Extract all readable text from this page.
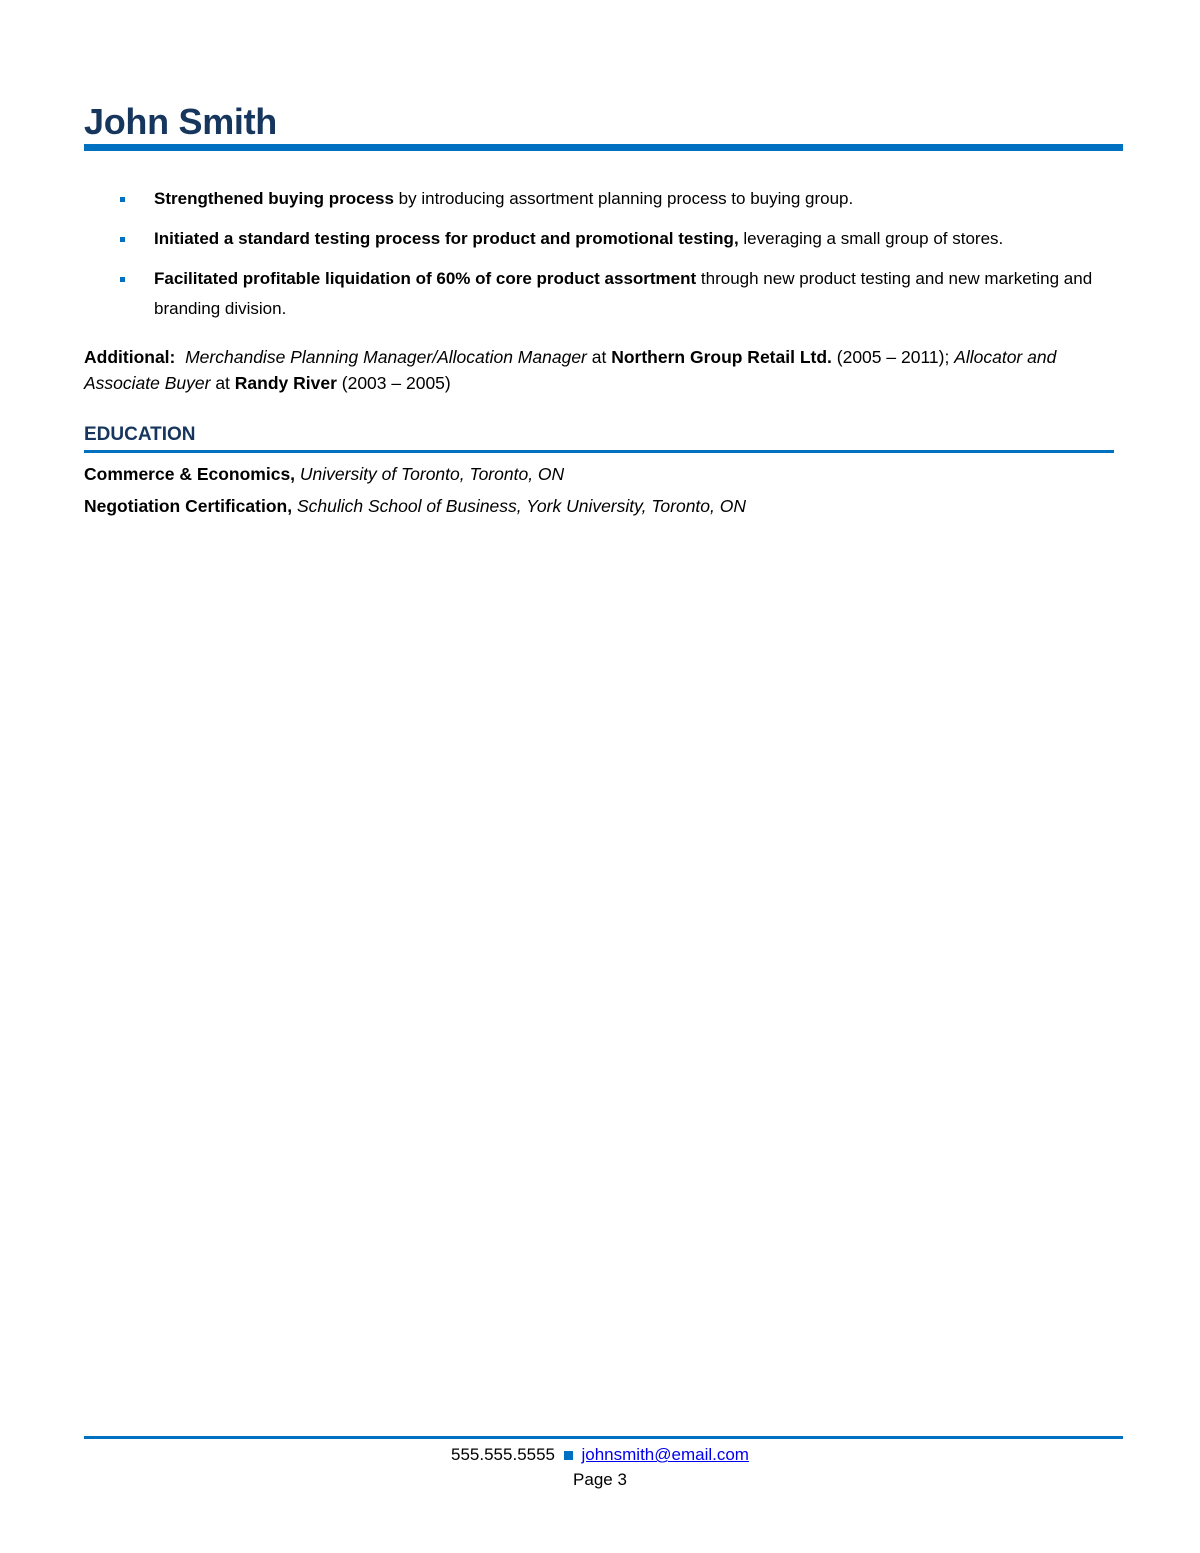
John Smith
Strengthened buying process by introducing assortment planning process to buying group.
Initiated a standard testing process for product and promotional testing, leveraging a small group of stores.
Facilitated profitable liquidation of 60% of core product assortment through new product testing and new marketing and branding division.
Additional: Merchandise Planning Manager/Allocation Manager at Northern Group Retail Ltd. (2005 – 2011); Allocator and Associate Buyer at Randy River (2003 – 2005)
EDUCATION
Commerce & Economics, University of Toronto, Toronto, ON
Negotiation Certification, Schulich School of Business, York University, Toronto, ON
555.555.5555 johnsmith@email.com
Page 3
